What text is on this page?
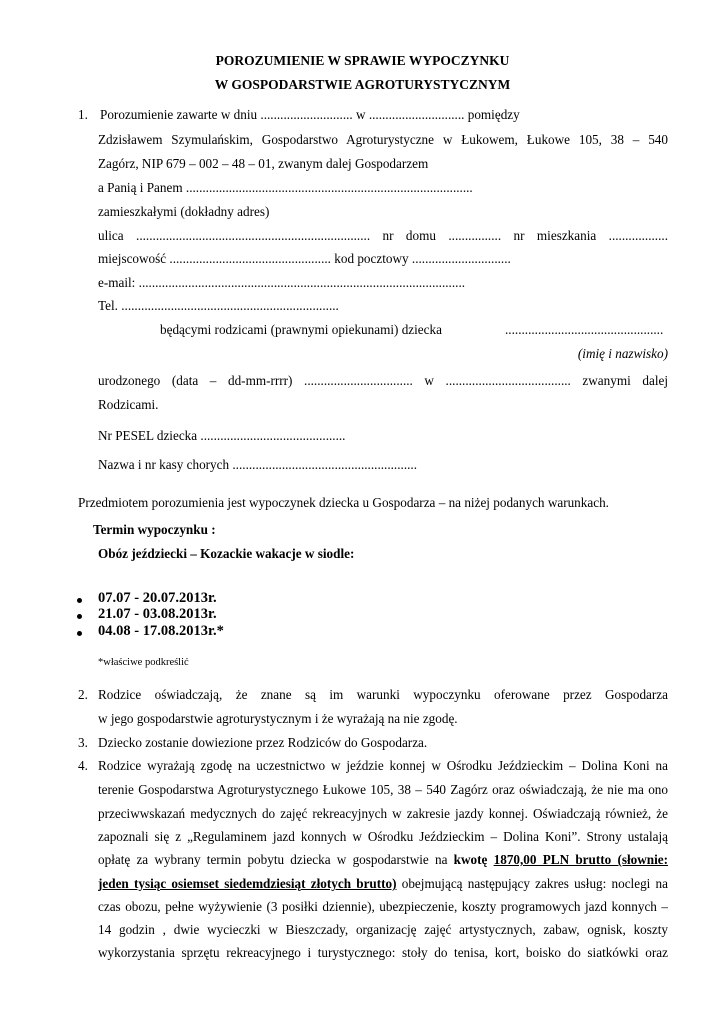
POROZUMIENIE W SPRAWIE WYPOCZYNKU
W GOSPODARSTWIE AGROTURYSTYCZNYM
1. Porozumienie zawarte w dniu ............................ w ............................. pomiędzy
Zdzisławem Szymulańskim, Gospodarstwo Agroturystyczne w Łukowem, Łukowe 105, 38 – 540
Zagórz, NIP 679 – 002 – 48 – 01, zwanym dalej Gospodarzem
a Panią i Panem .......................................................................................
zamieszkałymi (dokładny adres)
ulica ....................................................................... nr domu ................ nr mieszkania ..................
miejscowość ................................................. kod pocztowy ..............................
e-mail: ...................................................................................................
Tel. ..................................................................
będącymi rodzicami (prawnymi opiekunami) dziecka	................................................
(imię i nazwisko)
urodzonego (data – dd-mm-rrrr) ................................. w ...................................... zwanymi dalej
Rodzicami.
Nr PESEL dziecka ............................................
Nazwa i nr kasy chorych ........................................................
Przedmiotem porozumienia jest wypoczynek dziecka u Gospodarza – na niżej podanych warunkach.
Termin wypoczynku :
Obóz jeździecki – Kozackie wakacje w siodle:
07.07 - 20.07.2013r.
21.07 - 03.08.2013r.
04.08 - 17.08.2013r.*
*właściwe podkreślić
2. Rodzice oświadczają, że znane są im warunki wypoczynku oferowane przez Gospodarza
w jego gospodarstwie agroturystycznym i że wyrażają na nie zgodę.
3. Dziecko zostanie dowiezione przez Rodziców do Gospodarza.
4. Rodzice wyrażają zgodę na uczestnictwo w jeździe konnej w Ośrodku Jeździeckim – Dolina Koni na
terenie Gospodarstwa Agroturystycznego Łukowe 105, 38 – 540 Zagórz oraz oświadczają, że nie ma ono
przeciwwskazań medycznych do zajęć rekreacyjnych w zakresie jazdy konnej. Oświadczają również, że
zapoznali się z „Regulaminem jazd konnych w Ośrodku Jeździeckim – Dolina Koni”. Strony ustalają
opłatę za wybrany termin pobytu dziecka w gospodarstwie na kwotę 1870,00 PLN brutto (słownie:
jeden tysiąc osiemset siedemdziesiąt złotych brutto) obejmującą następujący zakres usług: noclegi na
czas obozu, pełne wyżywienie (3 posiłki dziennie), ubezpieczenie, koszty programowych jazd konnych –
14 godzin , dwie wycieczki w Bieszczady, organizację zajęć artystycznych, zabaw, ognisk, koszty
wykorzystania sprzętu rekreacyjnego i turystycznego: stoły do tenisa, kort, boisko do siatkówki oraz
